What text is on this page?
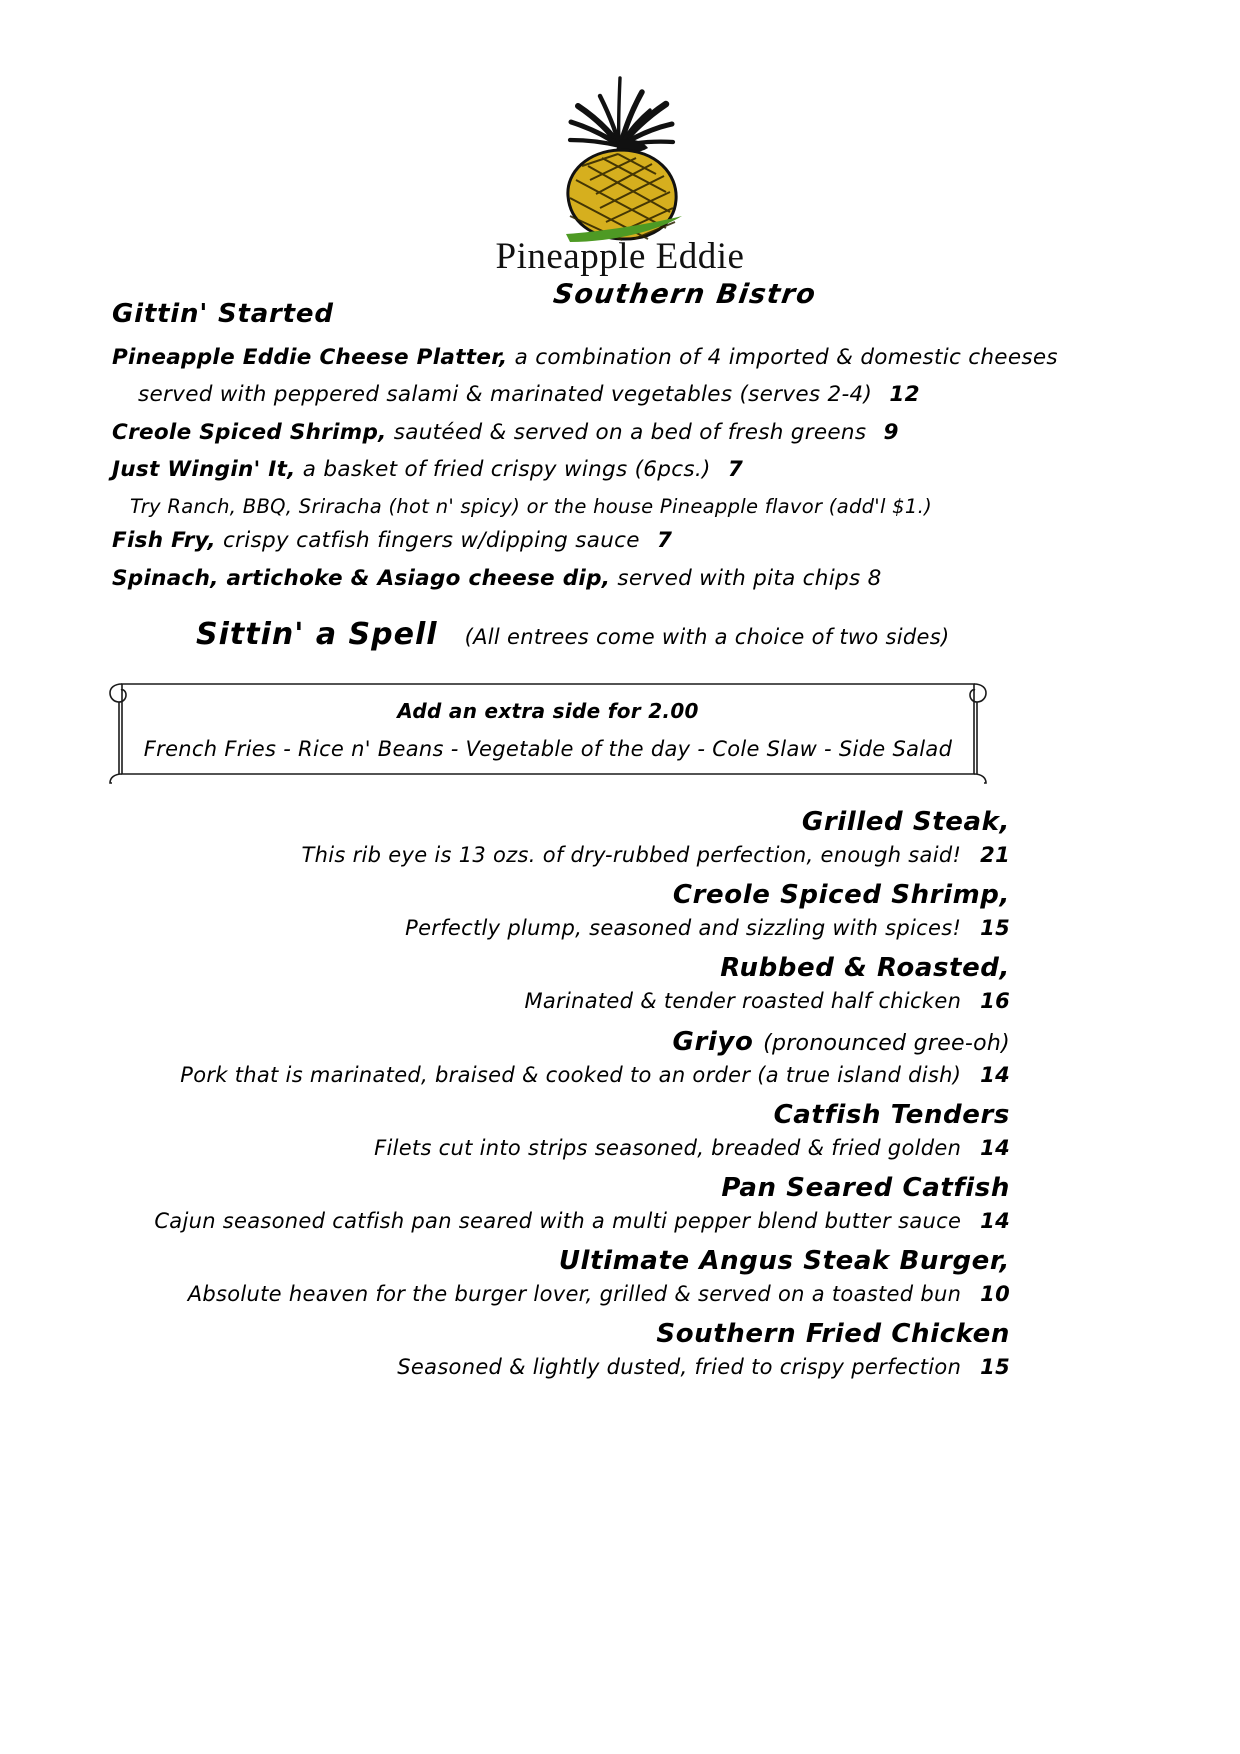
Pineapple Eddie
Southern Bistro
Gittin' Started
Pineapple Eddie Cheese Platter, a combination of 4 imported & domestic cheeses
served with peppered salami & marinated vegetables (serves 2-4) 12
Creole Spiced Shrimp, sautéed & served on a bed of fresh greens 9
Just Wingin' It, a basket of fried crispy wings (6pcs.) 7
Try Ranch, BBQ, Sriracha (hot n' spicy) or the house Pineapple flavor (add'l $1.)
Fish Fry, crispy catfish fingers w/dipping sauce 7
Spinach, artichoke & Asiago cheese dip, served with pita chips 8
Sittin' a Spell (All entrees come with a choice of two sides)
Add an extra side for 2.00
French Fries - Rice n' Beans - Vegetable of the day - Cole Slaw - Side Salad
Grilled Steak,
This rib eye is 13 ozs. of dry-rubbed perfection, enough said! 21
Creole Spiced Shrimp,
Perfectly plump, seasoned and sizzling with spices! 15
Rubbed & Roasted,
Marinated & tender roasted half chicken 16
Griyo (pronounced gree-oh)
Pork that is marinated, braised & cooked to an order (a true island dish) 14
Catfish Tenders
Filets cut into strips seasoned, breaded & fried golden 14
Pan Seared Catfish
Cajun seasoned catfish pan seared with a multi pepper blend butter sauce 14
Ultimate Angus Steak Burger,
Absolute heaven for the burger lover, grilled & served on a toasted bun 10
Southern Fried Chicken
Seasoned & lightly dusted, fried to crispy perfection 15
